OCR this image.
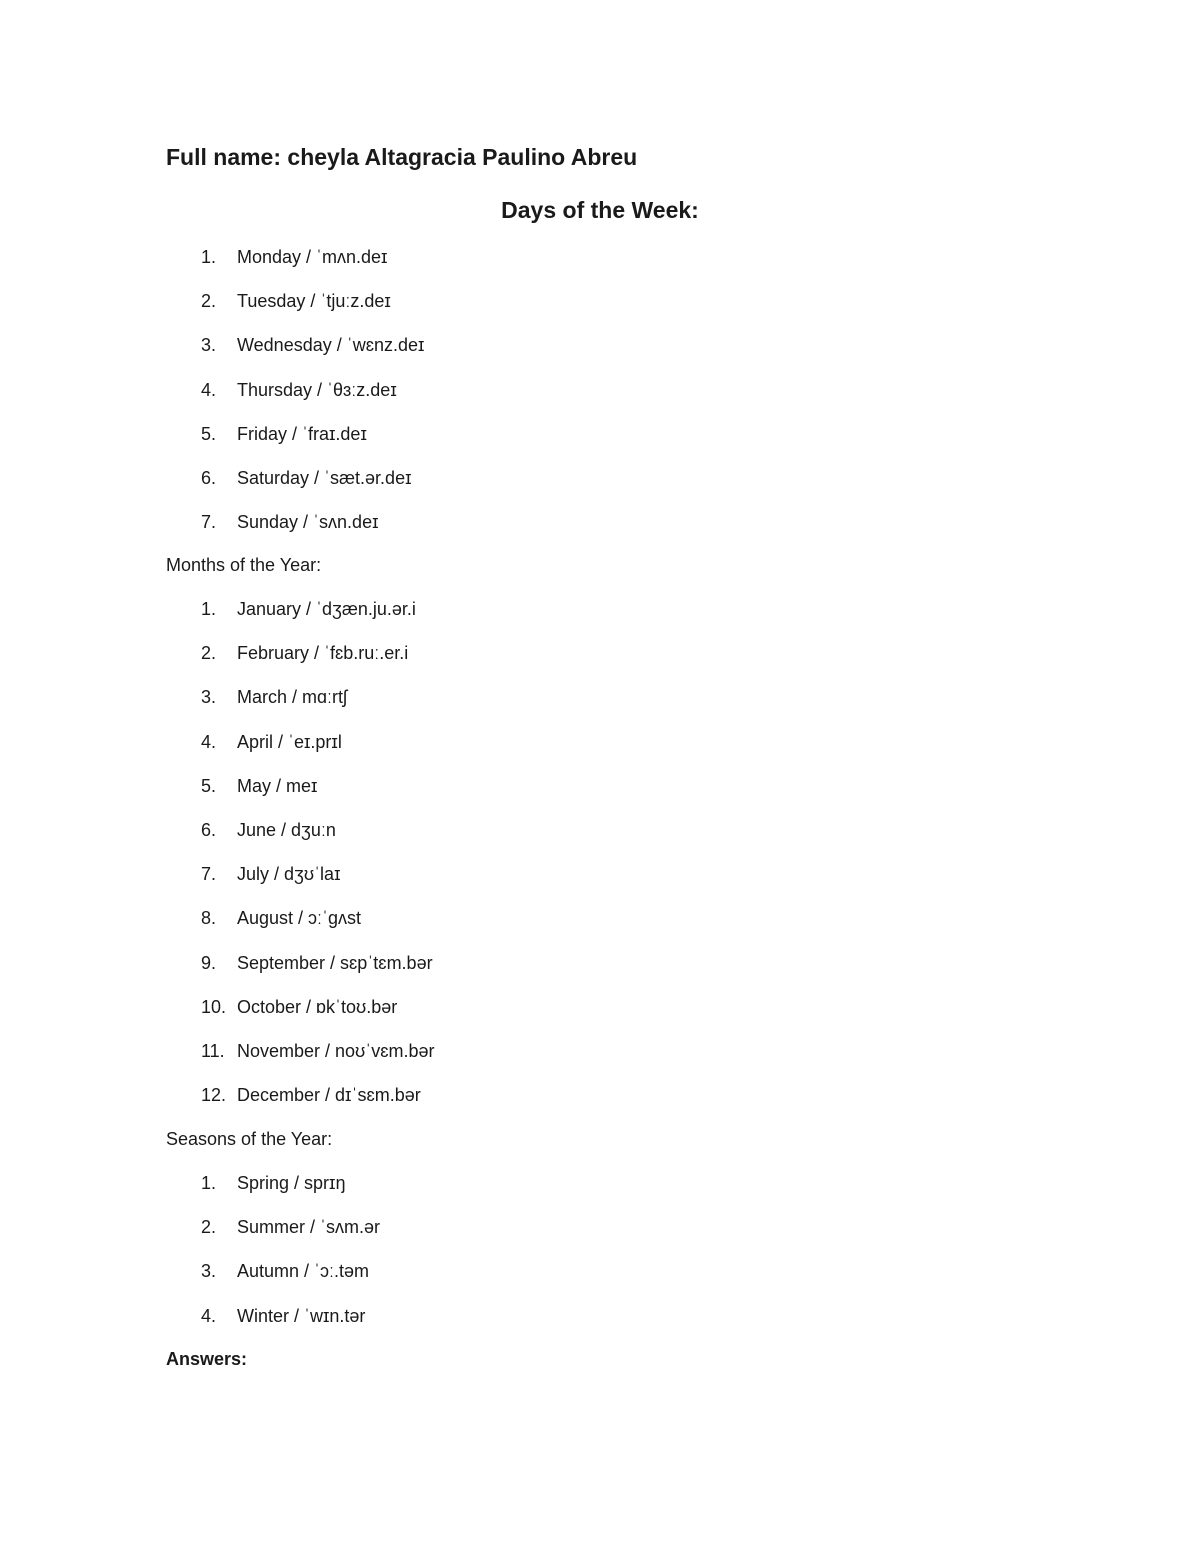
Full name: cheyla Altagracia Paulino Abreu
Days of the Week:
1. Monday / ˈmʌn.deɪ
2. Tuesday / ˈtjuːz.deɪ
3. Wednesday / ˈwɛnz.deɪ
4. Thursday / ˈθɜːz.deɪ
5. Friday / ˈfraɪ.deɪ
6. Saturday / ˈsæt.ər.deɪ
7. Sunday / ˈsʌn.deɪ
Months of the Year:
1. January / ˈdʒæn.ju.ər.i
2. February / ˈfɛb.ruː.er.i
3. March / mɑːrtʃ
4. April / ˈeɪ.prɪl
5. May / meɪ
6. June / dʒuːn
7. July / dʒʊˈlaɪ
8. August / ɔːˈgʌst
9. September / sɛpˈtɛm.bər
10. October / ɒkˈtoʊ.bər
11. November / noʊˈvɛm.bər
12. December / dɪˈsɛm.bər
Seasons of the Year:
1. Spring / sprɪŋ
2. Summer / ˈsʌm.ər
3. Autumn / ˈɔː.təm
4. Winter / ˈwɪn.tər
Answers:
